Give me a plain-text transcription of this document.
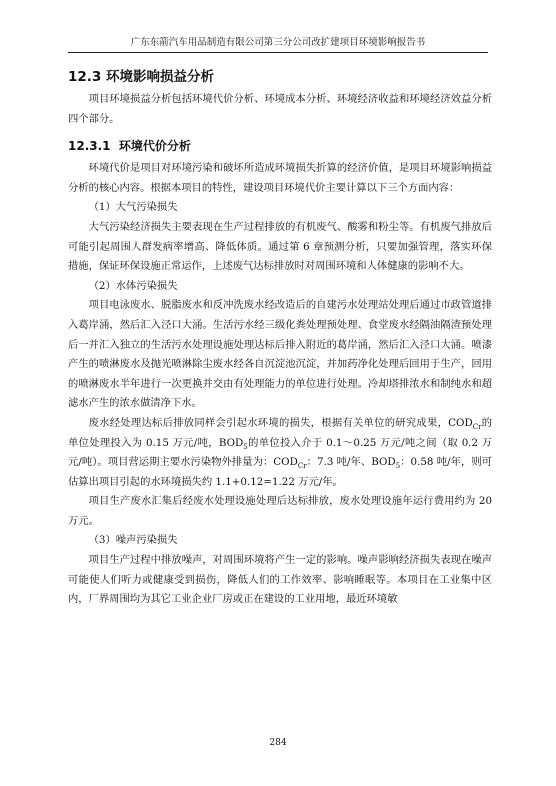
广东东箭汽车用品制造有限公司第三分公司改扩建项目环境影响报告书
12.3 环境影响损益分析

项目环境损益分析包括环境代价分析、环境成本分析、环境经济收益和环境经济效益分析四个部分。

12.3.1 环境代价分析

环境代价是项目对环境污染和破坏所造成环境损失折算的经济价值，是项目环境影响损益分析的核心内容。根据本项目的特性，建设项目环境代价主要计算以下三个方面内容：

（1）大气污染损失

大气污染经济损失主要表现在生产过程排放的有机废气、酸雾和粉尘等。有机废气排放后可能引起周围人群发病率增高、降低体质。通过第 6 章预测分析，只要加强管理，落实环保措施，保证环保设施正常运作，上述废气达标排放时对周围环境和人体健康的影响不大。

（2）水体污染损失

项目电泳废水、脱脂废水和反冲洗废水经改造后的自建污水处理站处理后通过市政管道排入葛岸涌，然后汇入泾口大涌。生活污水经三级化粪处理预处理、食堂废水经隔油隔渣预处理后一并汇入独立的生活污水处理设施处理达标后排入附近的葛岸涌，然后汇入泾口大涌。喷漆产生的喷淋废水及抛光喷淋除尘废水经各自沉淀池沉淀，并加药净化处理后回用于生产，回用的喷淋废水半年进行一次更换并交由有处理能力的单位进行处理。冷却塔排浓水和制纯水和超滤水产生的浓水做清净下水。

废水经处理达标后排放同样会引起水环境的损失，根据有关单位的研究成果，$COD_{Cr}$的单位处理投入为 0.15 万元/吨，$BOD_5$的单位投入介于 0.1～0.25 万元/吨之间（取 0.2 万元/吨）。项目营运期主要水污染物外排量为：$COD_{Cr}$：7.3 吨/年、$BOD_5$：0.58 吨/年，则可估算出项目引起的水环境损失约 1.1+0.12=1.22 万元/年。

项目生产废水汇集后经废水处理设施处理后达标排放，废水处理设施年运行费用约为 20 万元。

（3）噪声污染损失

项目生产过程中排放噪声，对周围环境将产生一定的影响。噪声影响经济损失表现在噪声可能使人们听力或健康受到损伤，降低人们的工作效率、影响睡眠等。本项目在工业集中区内，厂界周围均为其它工业企业厂房或正在建设的工业用地，最近环境敏

284
